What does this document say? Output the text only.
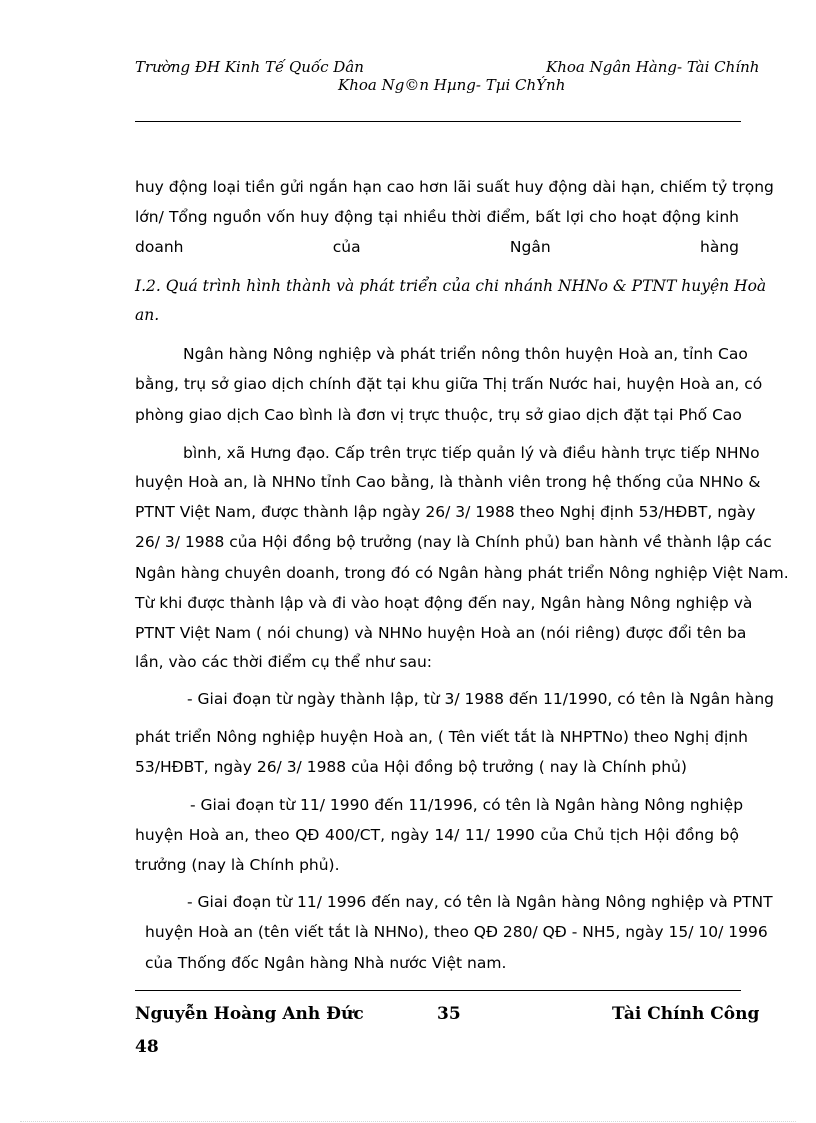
Trường ĐH Kinh Tế Quốc Dân	Khoa Ngân Hàng- Tài Chính
Khoa Ng©n Hµng- Tµi ChÝnh
huy động loại tiền gửi ngắn hạn cao hơn lãi suất huy động dài hạn, chiếm tỷ trọng
lớn/ Tổng nguồn vốn huy động tại nhiều thời điểm, bất lợi cho hoạt động kinh
doanh của Ngân hàng
I.2. Quá trình hình thành và phát triển của chi nhánh NHNo & PTNT huyện Hoà
an.
Ngân hàng Nông nghiệp và phát triển nông thôn huyện Hoà an, tỉnh Cao
bằng, trụ sở giao dịch chính đặt tại khu giữa Thị trấn Nước hai, huyện Hoà an, có
phòng giao dịch Cao bình là đơn vị trực thuộc, trụ sở giao dịch đặt tại Phố Cao
bình, xã Hưng đạo. Cấp trên trực tiếp quản lý và điều hành trực tiếp NHNo
huyện Hoà an, là NHNo tỉnh Cao bằng, là thành viên trong hệ thống của NHNo &
PTNT Việt Nam, được thành lập ngày 26/ 3/ 1988 theo Nghị định 53/HĐBT, ngày
26/ 3/ 1988 của Hội đồng bộ trưởng (nay là Chính phủ) ban hành về thành lập các
Ngân hàng chuyên doanh, trong đó có Ngân hàng phát triển Nông nghiệp Việt Nam.
Từ khi được thành lập và đi vào hoạt động đến nay, Ngân hàng Nông nghiệp và
PTNT Việt Nam ( nói chung) và NHNo huyện Hoà an (nói riêng) được đổi tên ba
lần, vào các thời điểm cụ thể như sau:
- Giai đoạn từ ngày thành lập, từ 3/ 1988 đến 11/1990, có tên là Ngân hàng
phát triển Nông nghiệp huyện Hoà an, ( Tên viết tắt là NHPTNo) theo Nghị định
53/HĐBT, ngày 26/ 3/ 1988 của Hội đồng bộ trưởng ( nay là Chính phủ)
- Giai đoạn từ 11/ 1990 đến 11/1996, có tên là Ngân hàng Nông nghiệp
huyện Hoà an, theo QĐ 400/CT, ngày 14/ 11/ 1990 của Chủ tịch Hội đồng bộ
trưởng (nay là Chính phủ).
- Giai đoạn từ 11/ 1996 đến nay, có tên là Ngân hàng Nông nghiệp và PTNT
huyện Hoà an (tên viết tắt là NHNo), theo QĐ 280/ QĐ - NH5, ngày 15/ 10/ 1996
của Thống đốc Ngân hàng Nhà nước Việt nam.
Nguyễn Hoàng Anh Đức	35	Tài Chính Công
48
